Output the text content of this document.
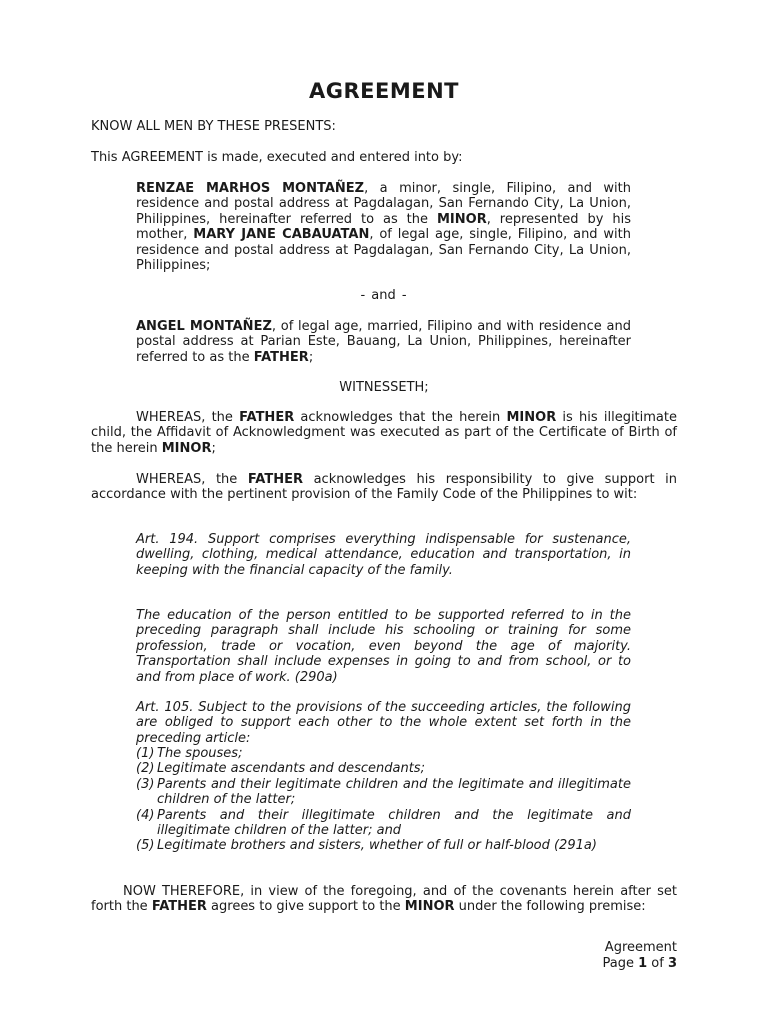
AGREEMENT

KNOW ALL MEN BY THESE PRESENTS:

This AGREEMENT is made, executed and entered into by:

RENZAE MARHOS MONTAÑEZ, a minor, single, Filipino, and with residence and postal address at Pagdalagan, San Fernando City, La Union, Philippines, hereinafter referred to as the MINOR, represented by his mother, MARY JANE CABAUATAN, of legal age, single, Filipino, and with residence and postal address at Pagdalagan, San Fernando City, La Union, Philippines;

- and -

ANGEL MONTAÑEZ, of legal age, married, Filipino and with residence and postal address at Parian Este, Bauang, La Union, Philippines, hereinafter referred to as the FATHER;

WITNESSETH;

WHEREAS, the FATHER acknowledges that the herein MINOR is his illegitimate child, the Affidavit of Acknowledgment was executed as part of the Certificate of Birth of the herein MINOR;

WHEREAS, the FATHER acknowledges his responsibility to give support in accordance with the pertinent provision of the Family Code of the Philippines to wit:

Art. 194. Support comprises everything indispensable for sustenance, dwelling, clothing, medical attendance, education and transportation, in keeping with the financial capacity of the family.

The education of the person entitled to be supported referred to in the preceding paragraph shall include his schooling or training for some profession, trade or vocation, even beyond the age of majority. Transportation shall include expenses in going to and from school, or to and from place of work. (290a)

Art. 105. Subject to the provisions of the succeeding articles, the following are obliged to support each other to the whole extent set forth in the preceding article:

(1) The spouses;
(2) Legitimate ascendants and descendants;
(3) Parents and their legitimate children and the legitimate and illegitimate children of the latter;
(4) Parents and their illegitimate children and the legitimate and illegitimate children of the latter; and
(5) Legitimate brothers and sisters, whether of full or half-blood (291a)

NOW THEREFORE, in view of the foregoing, and of the covenants herein after set forth the FATHER agrees to give support to the MINOR under the following premise:

Agreement
Page 1 of 3
